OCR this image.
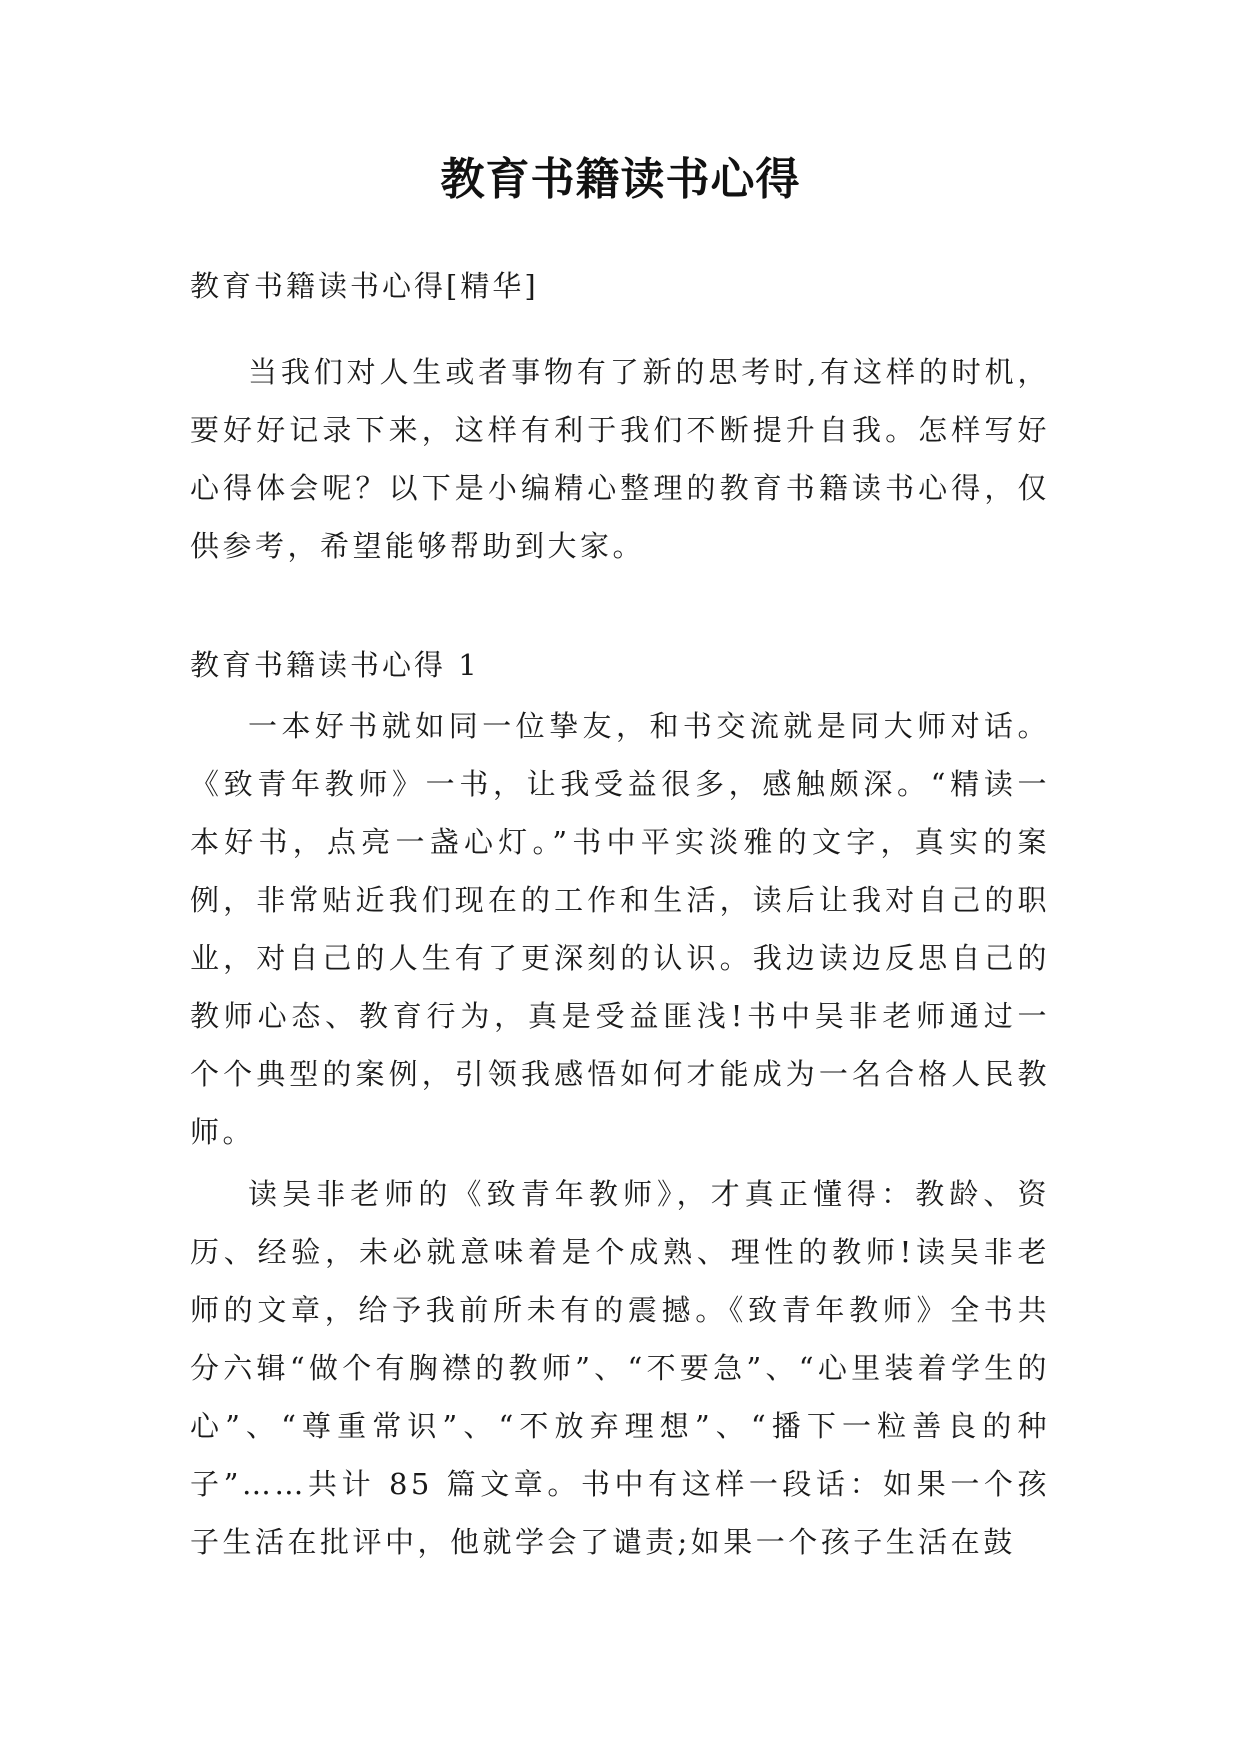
教育书籍读书心得
教育书籍读书心得[精华]

当我们对人生或者事物有了新的思考时,有这样的时机，要好好记录下来，这样有利于我们不断提升自我。怎样写好心得体会呢？以下是小编精心整理的教育书籍读书心得，仅供参考，希望能够帮助到大家。

教育书籍读书心得 1

一本好书就如同一位挚友，和书交流就是同大师对话。《致青年教师》一书，让我受益很多，感触颇深。“精读一本好书，点亮一盏心灯。”书中平实淡雅的文字，真实的案例，非常贴近我们现在的工作和生活，读后让我对自己的职业，对自己的人生有了更深刻的认识。我边读边反思自己的教师心态、教育行为，真是受益匪浅!书中吴非老师通过一个个典型的案例，引领我感悟如何才能成为一名合格人民教师。

读吴非老师的《致青年教师》，才真正懂得：教龄、资历、经验，未必就意味着是个成熟、理性的教师!读吴非老师的文章，给予我前所未有的震撼。《致青年教师》全书共分六辑“做个有胸襟的教师”、“不要急”、“心里装着学生的心”、“尊重常识”、“不放弃理想”、“播下一粒善良的种子”……共计 85 篇文章。书中有这样一段话：如果一个孩子生活在批评中，他就学会了谴责;如果一个孩子生活在鼓
